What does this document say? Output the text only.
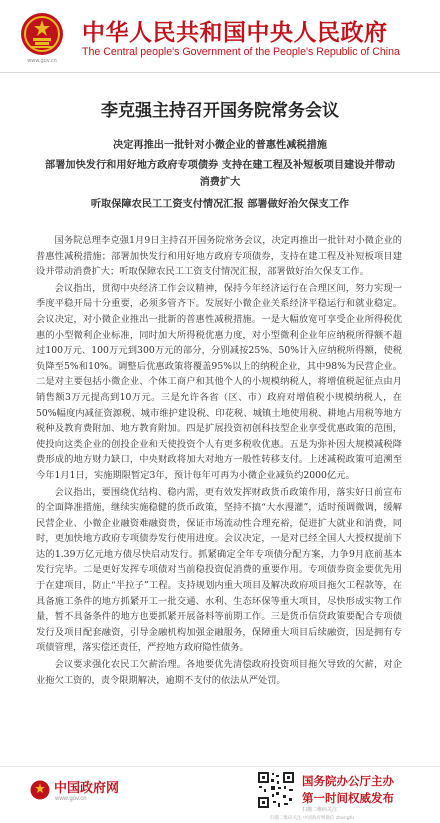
www.gov.cn
中华人民共和国中央人民政府
The Central people's Government of the People's Republic of China
李克强主持召开国务院常务会议
决定再推出一批针对小微企业的普惠性减税措施
部署加快发行和用好地方政府专项债券 支持在建工程及补短板项目建设并带动消费扩大
听取保障农民工工资支付情况汇报 部署做好治欠保支工作

国务院总理李克强1月9日主持召开国务院常务会议，决定再推出一批针对小微企业的普惠性减税措施；部署加快发行和用好地方政府专项债券，支持在建工程及补短板项目建设并带动消费扩大；听取保障农民工工资支付情况汇报，部署做好治欠保支工作。

会议指出，贯彻中央经济工作会议精神，保持今年经济运行在合理区间，努力实现一季度平稳开局十分重要，必须多管齐下。发展好小微企业关系经济平稳运行和就业稳定。会议决定，对小微企业推出一批新的普惠性减税措施。一是大幅放宽可享受企业所得税优惠的小型微利企业标准，同时加大所得税优惠力度，对小型微利企业年应纳税所得额不超过100万元、100万元到300万元的部分，分别减按25%、50%计入应纳税所得额，使税负降至5%和10%。调整后优惠政策将覆盖95%以上的纳税企业，其中98%为民营企业。二是对主要包括小微企业、个体工商户和其他个人的小规模纳税人，将增值税起征点由月销售额3万元提高到10万元。三是允许各省（区、市）政府对增值税小规模纳税人，在50%幅度内减征资源税、城市维护建设税、印花税、城镇土地使用税、耕地占用税等地方税种及教育费附加、地方教育附加。四是扩展投资初创科技型企业享受优惠政策的范围，使投向这类企业的创投企业和天使投资个人有更多税收优惠。五是为弥补因大规模减税降费形成的地方财力缺口，中央财政将加大对地方一般性转移支付。上述减税政策可追溯至今年1月1日，实施期限暂定3年，预计每年可再为小微企业减负约2000亿元。

会议指出，要围绕优结构、稳内需，更有效发挥财政货币政策作用，落实好日前宣布的全面降准措施，继续实施稳健的货币政策，坚持不搞“大水漫灌”，适时预调微调，缓解民营企业、小微企业融资难融资贵，保证市场流动性合理充裕，促进扩大就业和消费，同时，更加快地方政府专项债券发行使用进度。会议决定，一是对已经全国人大授权提前下达的1.39万亿元地方债尽快启动发行。抓紧确定全年专项债分配方案，力争9月底前基本发行完毕。二是更好发挥专项债对当前稳投资促消费的重要作用。专项债券资金要优先用于在建项目，防止“半拉子”工程。支持规划内重大项目及解决政府项目拖欠工程款等，在具备施工条件的地方抓紧开工一批交通、水利、生态环保等重大项目，尽快形成实物工作量，暂不具备条件的地方也要抓紧开展备料等前期工作。三是货币信贷政策要配合专项债发行及项目配套融资，引导金融机构加强金融服务，保障重大项目后续融资，因是拥有专项债管理，落实偿还责任，严控地方政府隐性债务。

会议要求强化农民工欠薪治理。各地要优先清偿政府投资项目拖欠导致的欠薪，对企业拖欠工资的，责令限期解决，逾期不支付的依法从严处罚。

中国政府网
www.gov.cn
国务院办公厅主办
第一时间权威发布
扫描二维码关注
扫描二维码关注 中国政府网微信 zhengfu
